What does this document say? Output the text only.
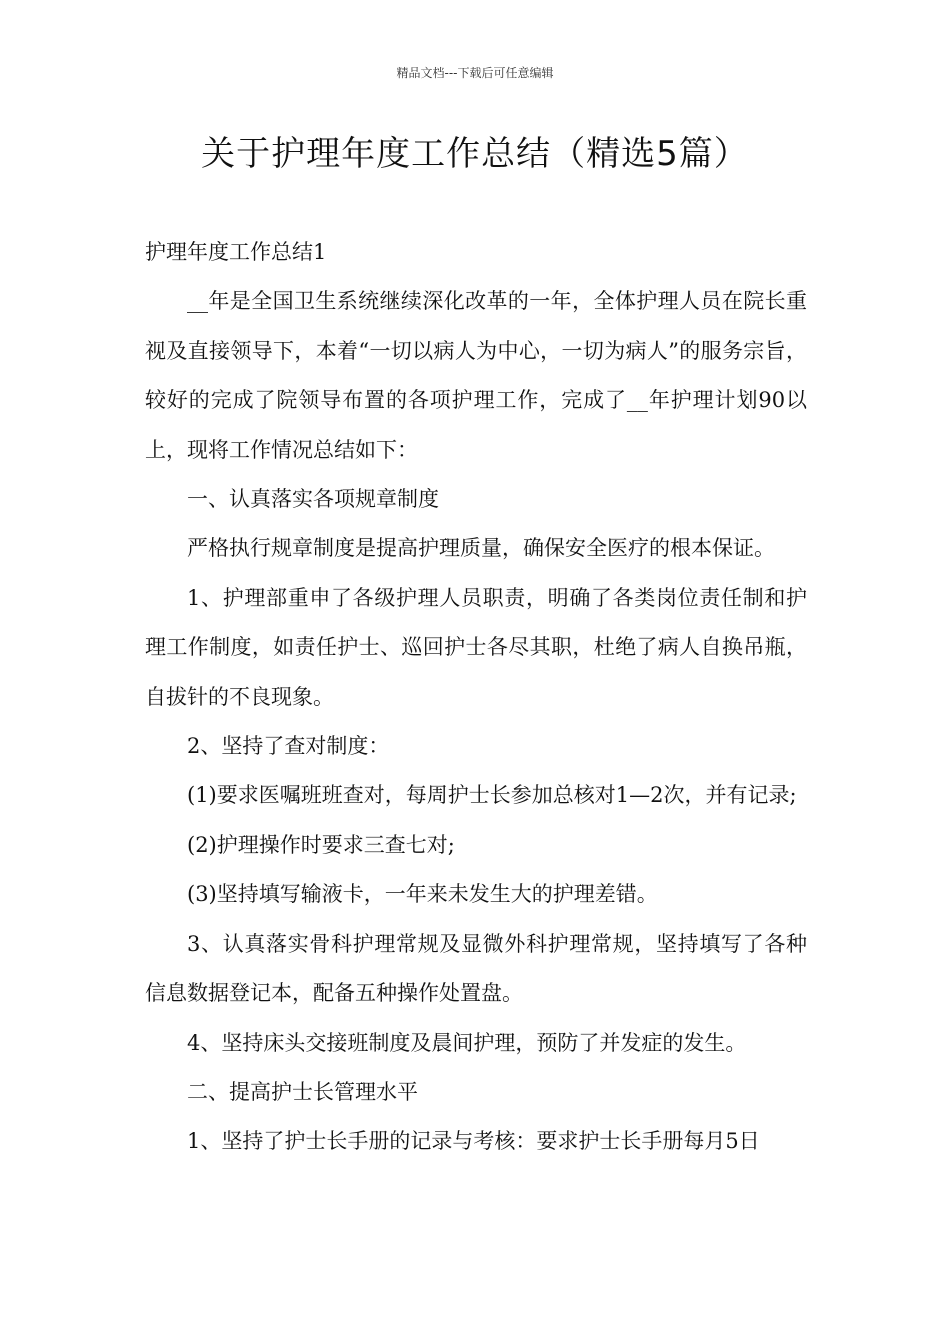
精品文档---下载后可任意编辑
关于护理年度工作总结（精选5篇）

护理年度工作总结1

__年是全国卫生系统继续深化改革的一年，全体护理人员在院长重视及直接领导下，本着“一切以病人为中心，一切为病人”的服务宗旨，较好的完成了院领导布置的各项护理工作，完成了__年护理计划90以上，现将工作情况总结如下：

一、认真落实各项规章制度

严格执行规章制度是提高护理质量，确保安全医疗的根本保证。

1、护理部重申了各级护理人员职责，明确了各类岗位责任制和护理工作制度，如责任护士、巡回护士各尽其职，杜绝了病人自换吊瓶，自拔针的不良现象。

2、坚持了查对制度：

(1)要求医嘱班班查对，每周护士长参加总核对1—2次，并有记录;

(2)护理操作时要求三查七对;

(3)坚持填写输液卡，一年来未发生大的护理差错。

3、认真落实骨科护理常规及显微外科护理常规，坚持填写了各种信息数据登记本，配备五种操作处置盘。

4、坚持床头交接班制度及晨间护理，预防了并发症的发生。

二、提高护士长管理水平

1、坚持了护士长手册的记录与考核：要求护士长手册每月5日
